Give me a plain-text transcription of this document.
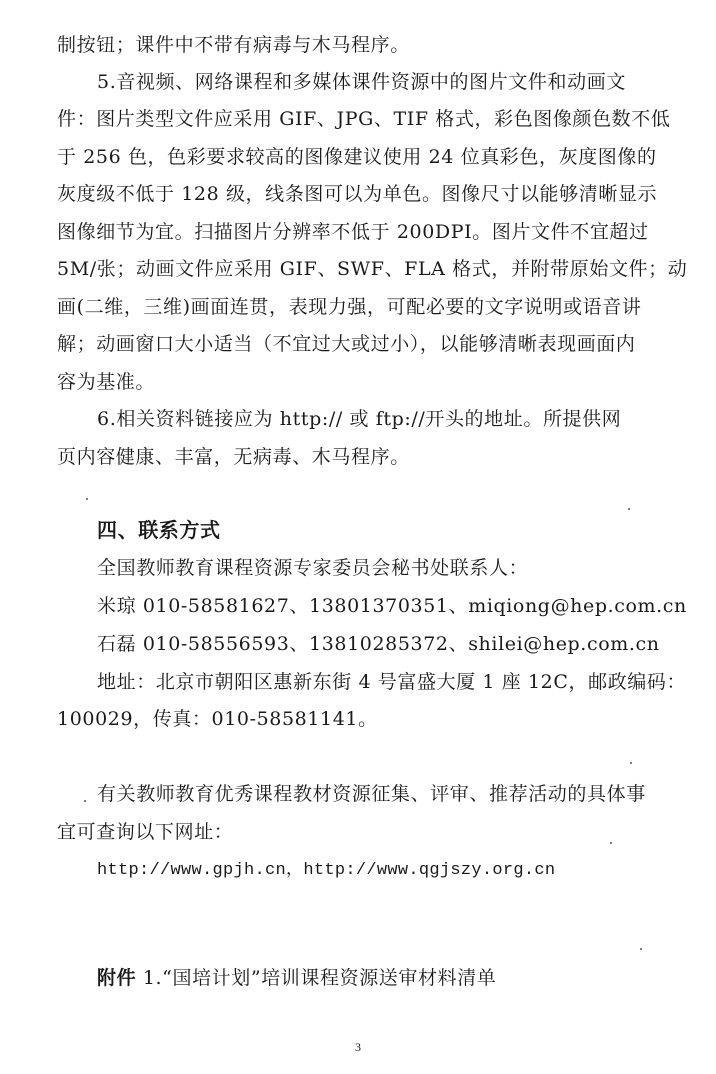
制按钮；课件中不带有病毒与木马程序。
5.音视频、网络课程和多媒体课件资源中的图片文件和动画文
件：图片类型文件应采用 GIF、JPG、TIF 格式，彩色图像颜色数不低
于 256 色，色彩要求较高的图像建议使用 24 位真彩色，灰度图像的
灰度级不低于 128 级，线条图可以为单色。图像尺寸以能够清晰显示
图像细节为宜。扫描图片分辨率不低于 200DPI。图片文件不宜超过
5M/张；动画文件应采用 GIF、SWF、FLA 格式，并附带原始文件；动
画(二维，三维)画面连贯，表现力强，可配必要的文字说明或语音讲
解；动画窗口大小适当（不宜过大或过小），以能够清晰表现画面内
容为基准。
6.相关资料链接应为 http:// 或 ftp://开头的地址。所提供网
页内容健康、丰富，无病毒、木马程序。
四、联系方式
全国教师教育课程资源专家委员会秘书处联系人：
米琼 010-58581627、13801370351、miqiong@hep.com.cn
石磊 010-58556593、13810285372、shilei@hep.com.cn
地址：北京市朝阳区惠新东街 4 号富盛大厦 1 座 12C，邮政编码：
100029，传真：010-58581141。
有关教师教育优秀课程教材资源征集、评审、推荐活动的具体事
宜可查询以下网址：
http://www.gpjh.cn，http://www.qgjszy.org.cn
附件 1.“国培计划”培训课程资源送审材料清单
3
